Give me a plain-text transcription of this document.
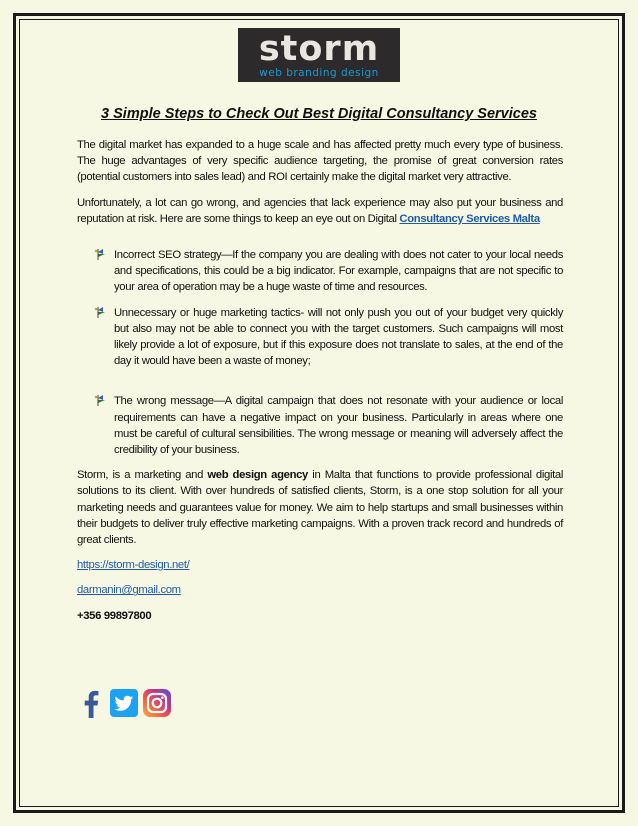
storm
web branding design
3 Simple Steps to Check Out Best Digital Consultancy Services

The digital market has expanded to a huge scale and has affected pretty much every type of business. The huge advantages of very specific audience targeting, the promise of great conversion rates (potential customers into sales lead) and ROI certainly make the digital market very attractive.

Unfortunately, a lot can go wrong, and agencies that lack experience may also put your business and reputation at risk. Here are some things to keep an eye out on Digital Consultancy Services Malta

Incorrect SEO strategy—If the company you are dealing with does not cater to your local needs and specifications, this could be a big indicator. For example, campaigns that are not specific to your area of operation may be a huge waste of time and resources.
Unnecessary or huge marketing tactics- will not only push you out of your budget very quickly but also may not be able to connect you with the target customers. Such campaigns will most likely provide a lot of exposure, but if this exposure does not translate to sales, at the end of the day it would have been a waste of money;
The wrong message—A digital campaign that does not resonate with your audience or local requirements can have a negative impact on your business. Particularly in areas where one must be careful of cultural sensibilities. The wrong message or meaning will adversely affect the credibility of your business.

Storm, is a marketing and web design agency in Malta that functions to provide professional digital solutions to its client. With over hundreds of satisfied clients, Storm, is a one stop solution for all your marketing needs and guarantees value for money. We aim to help startups and small businesses within their budgets to deliver truly effective marketing campaigns. With a proven track record and hundreds of great clients.

https://storm-design.net/
darmanin@gmail.com
+356 99897800
